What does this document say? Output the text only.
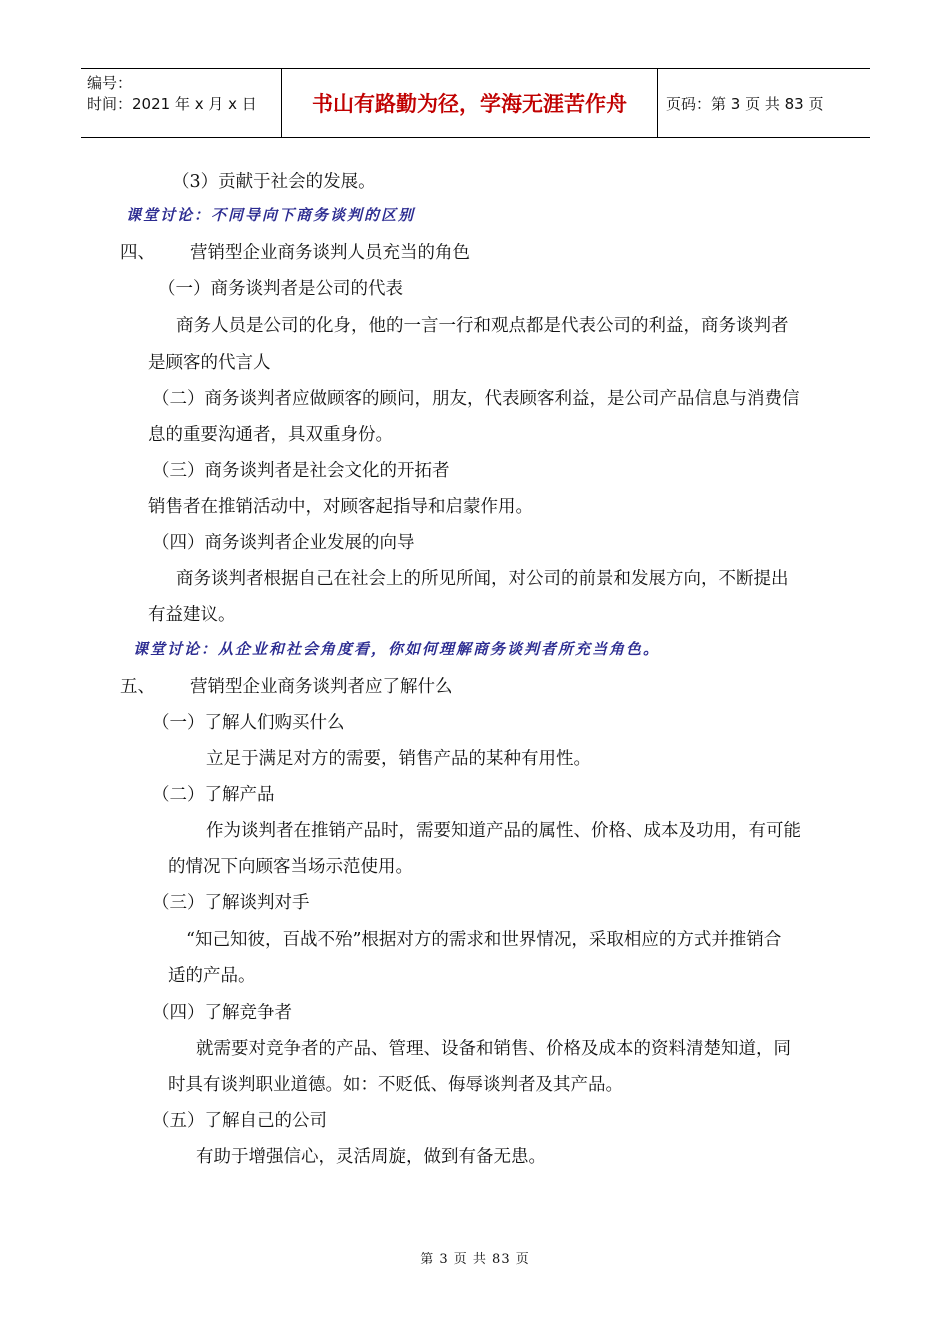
编号：
时间：2021 年 x 月 x 日	书山有路勤为径，学海无涯苦作舟	页码：第 3 页 共 83 页
（3）贡献于社会的发展。
课堂讨论：不同导向下商务谈判的区别
四、 营销型企业商务谈判人员充当的角色
（一）商务谈判者是公司的代表
商务人员是公司的化身，他的一言一行和观点都是代表公司的利益，商务谈判者
是顾客的代言人
（二）商务谈判者应做顾客的顾问，朋友，代表顾客利益，是公司产品信息与消费信
息的重要沟通者，具双重身份。
（三）商务谈判者是社会文化的开拓者
销售者在推销活动中，对顾客起指导和启蒙作用。
（四）商务谈判者企业发展的向导
商务谈判者根据自己在社会上的所见所闻，对公司的前景和发展方向，不断提出
有益建议。
课堂讨论：从企业和社会角度看，你如何理解商务谈判者所充当角色。
五、 营销型企业商务谈判者应了解什么
（一）了解人们购买什么
立足于满足对方的需要，销售产品的某种有用性。
（二）了解产品
作为谈判者在推销产品时，需要知道产品的属性、价格、成本及功用，有可能
的情况下向顾客当场示范使用。
（三）了解谈判对手
“知己知彼，百战不殆”根据对方的需求和世界情况，采取相应的方式并推销合
适的产品。
（四）了解竞争者
就需要对竞争者的产品、管理、设备和销售、价格及成本的资料清楚知道，同
时具有谈判职业道德。如：不贬低、侮辱谈判者及其产品。
（五）了解自己的公司
有助于增强信心，灵活周旋，做到有备无患。
第 3 页 共 83 页
